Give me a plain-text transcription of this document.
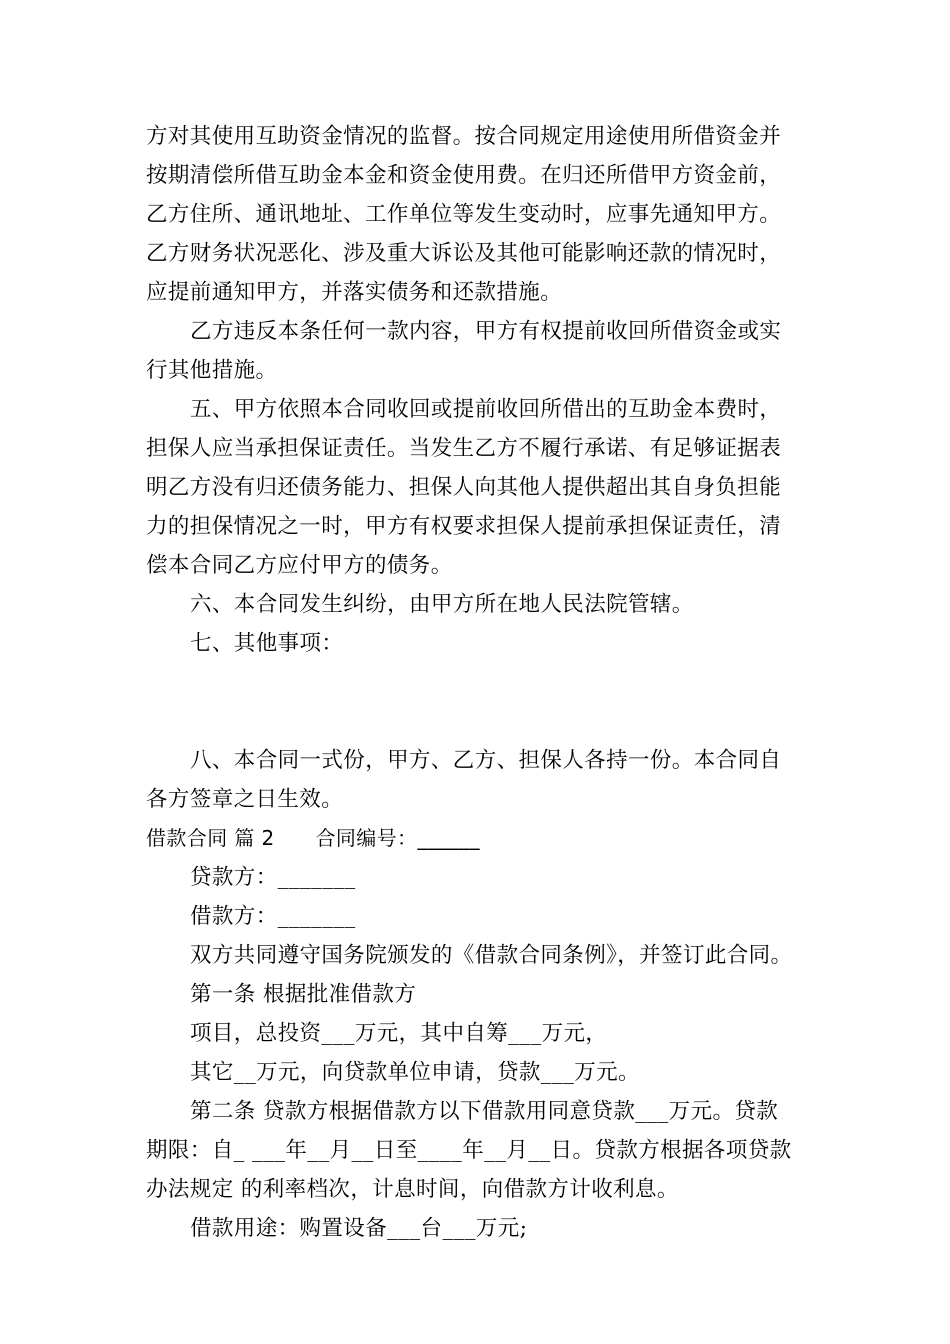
方对其使用互助资金情况的监督。按合同规定用途使用所借资金并

按期清偿所借互助金本金和资金使用费。在归还所借甲方资金前，

乙方住所、通讯地址、工作单位等发生变动时，应事先通知甲方。

乙方财务状况恶化、涉及重大诉讼及其他可能影响还款的情况时，

应提前通知甲方，并落实债务和还款措施。

乙方违反本条任何一款内容，甲方有权提前收回所借资金或实

行其他措施。

五、甲方依照本合同收回或提前收回所借出的互助金本费时，

担保人应当承担保证责任。当发生乙方不履行承诺、有足够证据表

明乙方没有归还债务能力、担保人向其他人提供超出其自身负担能

力的担保情况之一时，甲方有权要求担保人提前承担保证责任，清

偿本合同乙方应付甲方的债务。

六、本合同发生纠纷，由甲方所在地人民法院管辖。

七、其他事项：

八、本合同一式份，甲方、乙方、担保人各持一份。本合同自

各方签章之日生效。

借款合同 篇 2　　合同编号：______

贷款方：_______

借款方：_______

双方共同遵守国务院颁发的《借款合同条例》，并签订此合同。

第一条 根据批准借款方

项目，总投资___万元，其中自筹___万元，

其它__万元，向贷款单位申请，贷款___万元。

第二条 贷款方根据借款方以下借款用同意贷款___万元。贷款

期限：自_ ___年__月__日至____年__月__日。贷款方根据各项贷款

办法规定 的利率档次，计息时间，向借款方计收利息。

借款用途：购置设备___台___万元;
